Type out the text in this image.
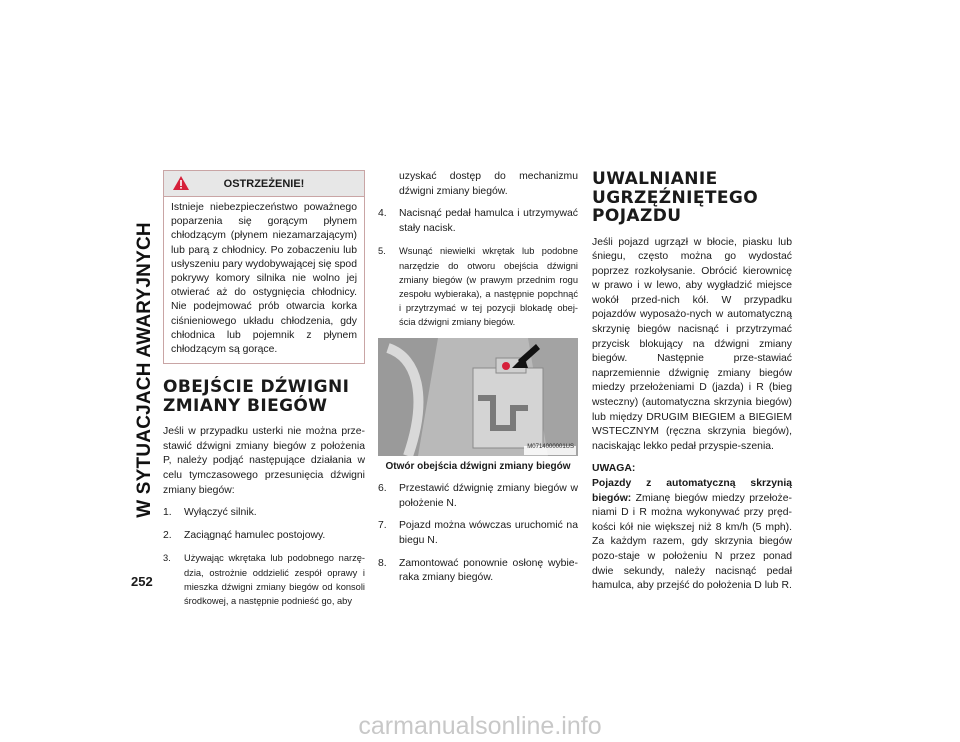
W SYTUACJACH AWARYJNYCH
252
OSTRZEŻENIE!
Istnieje niebezpieczeństwo poważnego poparzenia się gorącym płynem chłodzącym (płynem niezamarzającym) lub parą z chłodnicy. Po zobaczeniu lub usłyszeniu pary wydobywającej się spod pokrywy komory silnika nie wolno jej otwierać aż do ostygnięcia chłodnicy. Nie podejmować prób otwarcia korka ciśnieniowego układu chłodzenia, gdy chłodnica lub pojemnik z płynem chłodzącym są gorące.
OBEJŚCIE DŹWIGNI ZMIANY BIEGÓW

Jeśli w przypadku usterki nie można prze-stawić dźwigni zmiany biegów z położenia P, należy podjąć następujące działania w celu tymczasowego przesunięcia dźwigni zmiany biegów:

1. Wyłączyć silnik.
2. Zaciągnąć hamulec postojowy.
3. Używając wkrętaka lub podobnego narzę-dzia, ostrożnie oddzielić zespół oprawy i mieszka dźwigni zmiany biegów od konsoli środkowej, a następnie podnieść go, aby
uzyskać dostęp do mechanizmu dźwigni zmiany biegów.
4. Nacisnąć pedał hamulca i utrzymywać stały nacisk.
5. Wsunąć niewielki wkrętak lub podobne narzędzie do otworu obejścia dźwigni zmiany biegów (w prawym przednim rogu zespołu wybieraka), a następnie popchnąć i przytrzymać w tej pozycji blokadę obej-ścia dźwigni zmiany biegów.
M0714000001US
Otwór obejścia dźwigni zmiany biegów
6. Przestawić dźwignię zmiany biegów w położenie N.
7. Pojazd można wówczas uruchomić na biegu N.
8. Zamontować ponownie osłonę wybie-raka zmiany biegów.
UWALNIANIE UGRZĘŹNIĘTEGO POJAZDU

Jeśli pojazd ugrzązł w błocie, piasku lub śniegu, często można go wydostać poprzez rozkołysanie. Obrócić kierownicę w prawo i w lewo, aby wygładzić miejsce wokół przed-nich kół. W przypadku pojazdów wyposażo-nych w automatyczną skrzynię biegów nacisnąć i przytrzymać przycisk blokujący na dźwigni zmiany biegów. Następnie prze-stawiać naprzemiennie dźwignię zmiany biegów miedzy przełożeniami D (jazda) i R (bieg wsteczny) (automatyczna skrzynia biegów) lub między DRUGIM BIEGIEM a BIEGIEM WSTECZNYM (ręczna skrzynia biegów), naciskając lekko pedał przyspie-szenia.

UWAGA:

Pojazdy z automatyczną skrzynią biegów: Zmianę biegów miedzy przełoże-niami D i R można wykonywać przy pręd-kości kół nie większej niż 8 km/h (5 mph). Za każdym razem, gdy skrzynia biegów pozo-staje w położeniu N przez ponad dwie sekundy, należy nacisnąć pedał hamulca, aby przejść do położenia D lub R.

carmanualsonline.info
